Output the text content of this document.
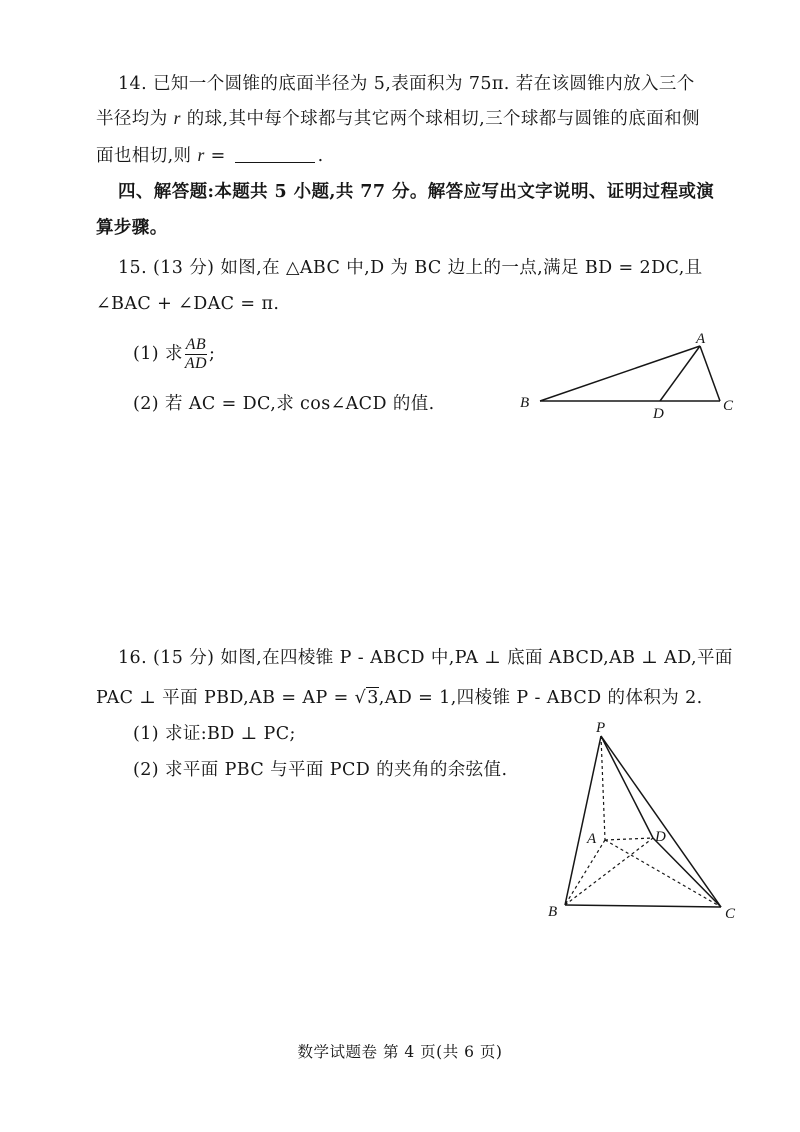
14. 已知一个圆锥的底面半径为 5,表面积为 75π. 若在该圆锥内放入三个
半径均为 r 的球,其中每个球都与其它两个球相切,三个球都与圆锥的底面和侧
面也相切,则 r =	.
四、解答题:本题共 5 小题,共 77 分。解答应写出文字说明、证明过程或演
算步骤。
15. (13 分) 如图,在 △ABC 中,D 为 BC 边上的一点,满足 BD = 2DC,且
∠BAC + ∠DAC = π.
(1) 求 $\frac{AB}{AD}$ ;
(2) 若 AC = DC,求 cos∠ACD 的值.
A
B	C
D
16. (15 分) 如图,在四棱锥 P - ABCD 中,PA ⊥ 底面 ABCD,AB ⊥ AD,平面
PAC ⊥ 平面 PBD,AB = AP = √3,AD = 1,四棱锥 P - ABCD 的体积为 2.
(1) 求证:BD ⊥ PC;
(2) 求平面 PBC 与平面 PCD 的夹角的余弦值.
P
A	D
B	C
数学试题卷 第 4 页(共 6 页)
